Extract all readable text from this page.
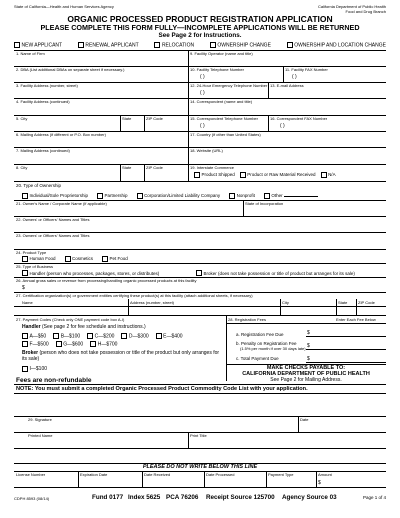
State of California—Health and Human Services Agency	California Department of Public Health
Food and Drug Branch
ORGANIC PROCESSED PRODUCT REGISTRATION APPLICATION
PLEASE COMPLETE THIS FORM FULLY—INCOMPLETE APPLICATIONS WILL BE RETURNED
See Page 2 for Instructions.
NEW APPLICANT	RENEWAL APPLICANT	RELOCATION	OWNERSHIP CHANGE	OWNERSHIP AND LOCATION CHANGE
1. Name of Firm
2. DBA (List additional DBAs on separate sheet if necessary.)
3. Facility Address (number, street)
4. Facility Address (continued)
5. City	State	ZIP Code
6. Mailing Address (if different or P.O. Box number)
7. Mailing Address (continued)
8. City	State	ZIP Code
9. Facility Operator (name and title)
10. Facility Telephone Number
( )
11. Facility FAX Number
( )
12. 24-Hour Emergency Telephone Number
( )
13. E-mail Address
14. Correspondent (name and title)
15. Correspondent Telephone Number
( )
16. Correspondent FAX Number
( )
17. Country (if other than United States)
18. Website (URL)
19. Interstate Commerce
Product Shipped	Product or Raw Material Received	N/A
20. Type of Ownership
Individual/Sole Proprietorship	Partnership	Corporation/Limited Liability Company	Nonprofit	Other
21. Owner's Name / Corporate Name (if applicable)	State of Incorporation
22. Owners' or Officers' Names and Titles
23. Owners' or Officers' Names and Titles
24. Product Type
Human Food	Cosmetics	Pet Food
25. Type of Business
Handler (person who processes, packages, stores, or distributes)	Broker (does not take possession or title of product but arranges for its sale)
26. Annual gross sales or revenue from processing/handling organic processed products at this facility
$
27. Certification organization(s) or government entities certifying these product(s) at this facility (attach additional sheets, if necessary)
Name	Address (number, street)	City	State	ZIP Code
27. Payment Codes (Check only ONE payment code box A-I)
Handler (See page 2 for fee schedule and instructions.)
A—$50	B—$100	C—$200	D—$300	E—$400
F—$500	G—$600	H—$700
Broker (person who does not take possession or title of the product but only arranges for its sale)
I—$100
Fees are non-refundable
28. Registration Fees	Enter Each Fee Below
a. Registration Fee Due	$
b. Penalty on Registration Fee
(1.5% per month if over 30 days late) $
c. Total Payment Due	$
MAKE CHECKS PAYABLE TO:
CALIFORNIA DEPARTMENT OF PUBLIC HEALTH
See Page 2 for Mailing Address.
NOTE: You must submit a completed Organic Processed Product Commodity Code List with your application.
29. Signature	Date
Printed Name	Print Title
PLEASE DO NOT WRITE BELOW THIS LINE
License Number	Expiration Date	Date Received	Date Processed	Payment Type	Amount
$
CDPH 8593 (08/14)	Fund 0177 Index 5625 PCA 76206 Receipt Source 125700 Agency Source 03	Page 1 of 4
